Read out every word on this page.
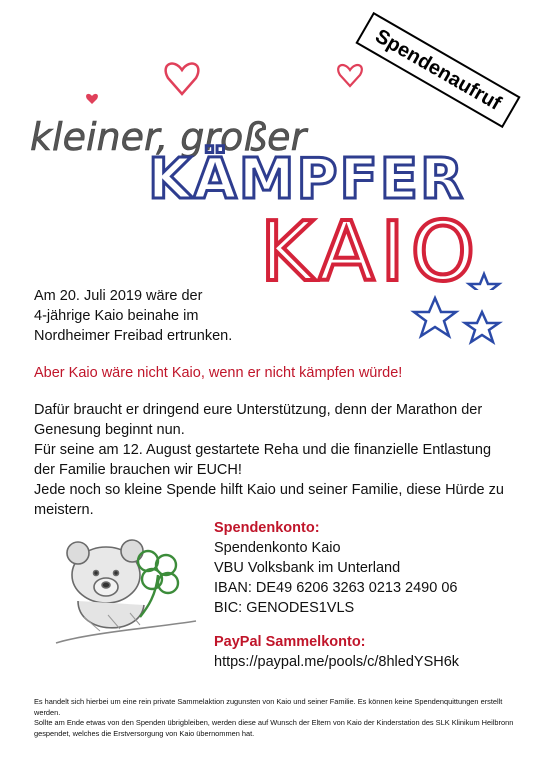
Spendenaufruf
kleiner, großer
KÄMPFER
KAIO
Am 20. Juli 2019 wäre der
4-jährige Kaio beinahe im
Nordheimer Freibad ertrunken.
Aber Kaio wäre nicht Kaio, wenn er nicht kämpfen würde!

Dafür braucht er dringend eure Unterstützung, denn der Marathon der Genesung beginnt nun.

Für seine am 12. August gestartete Reha und die finanzielle Entlastung der Familie brauchen wir EUCH!

Jede noch so kleine Spende hilft Kaio und seiner Familie, diese Hürde zu meistern.

Spendenkonto:
Spendenkonto Kaio
VBU Volksbank im Unterland
IBAN: DE49 6206 3263 0213 2490 06
BIC: GENODES1VLS
PayPal Sammelkonto:
https://paypal.me/pools/c/8hledYSH6k

Es handelt sich hierbei um eine rein private Sammelaktion zugunsten von Kaio und seiner Familie. Es können keine Spendenquittungen erstellt werden.

Sollte am Ende etwas von den Spenden übrigbleiben, werden diese auf Wunsch der Eltern von Kaio der Kinderstation des SLK Klinikum Heilbronn gespendet, welches die Erstversorgung von Kaio übernommen hat.
